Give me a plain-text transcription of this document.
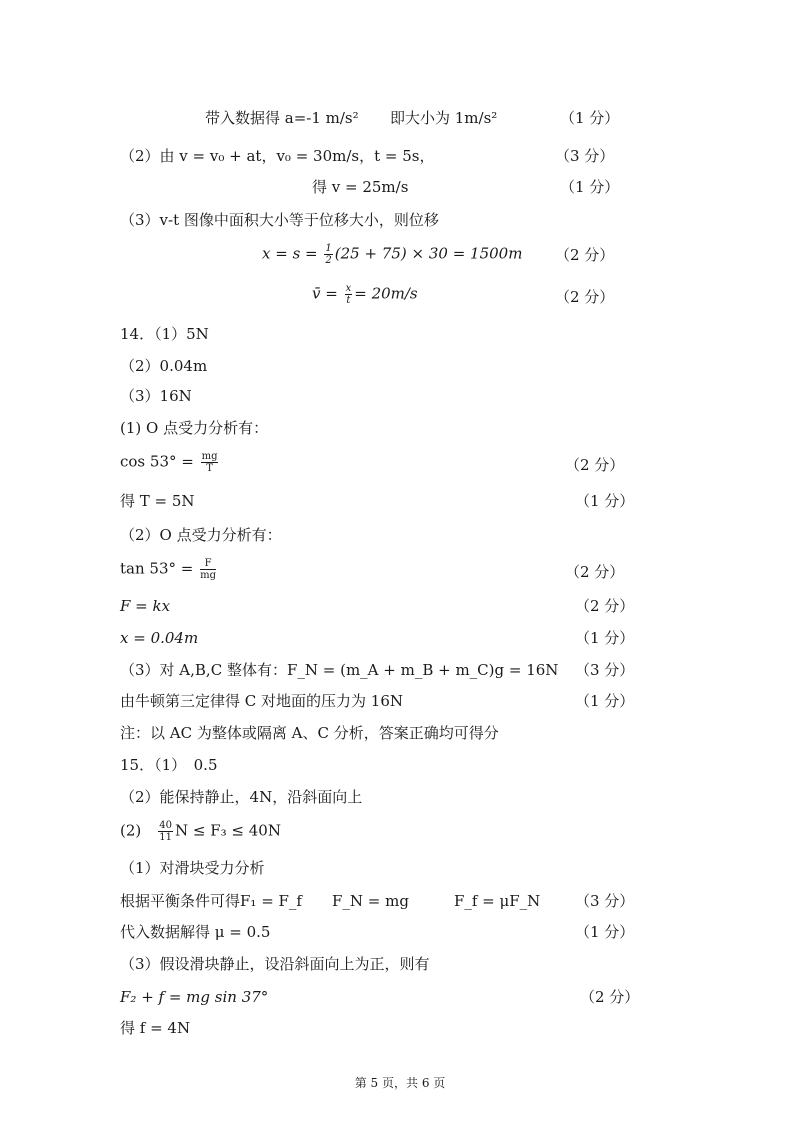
带入数据得 a=-1 m/s² 即大小为 1m/s²	（1 分）
（2）由 v = v₀ + at，v₀ = 30m/s，t = 5s，	（3 分）
得 v = 25m/s	（1 分）
（3）v-t 图像中面积大小等于位移大小，则位移
$x = s = \frac{1}{2} (25 + 75) \times 30 = 1500m$ （2 分）
v̄ = $\frac{x}{t} = 20m/s$	（2 分）
14．（1）5N
（2）0.04m
（3）16N
(1) O 点受力分析有：
$\cos 53^\circ = \frac{mg}{T}$	（2 分）
得 T = 5N	（1 分）
（2）O 点受力分析有：
$\tan 53^\circ = \frac{F}{mg}$	（2 分）
F = kx	（2 分）
x = 0.04m	（1 分）
（3）对 A,B,C 整体有：F_N = (m_A + m_B + m_C)g = 16N （3 分）
由牛顿第三定律得 C 对地面的压力为 16N	（1 分）
注：以 AC 为整体或隔离 A、C 分析，答案正确均可得分
15．（1）　0.5
（2）能保持静止，4N，沿斜面向上
(2)　 $\frac{40}{11}$ N ≤ F₃ ≤ 40N
（1）对滑块受力分析
根据平衡条件可得F₁ = F_f　　F_N = mg　　　F_f = μF_N （3 分）
代入数据解得 μ = 0.5	（1 分）
（3）假设滑块静止，设沿斜面向上为正，则有
F₂ + f = mg sin 37°	（2 分）
得 f = 4N
第 5 页，共 6 页
